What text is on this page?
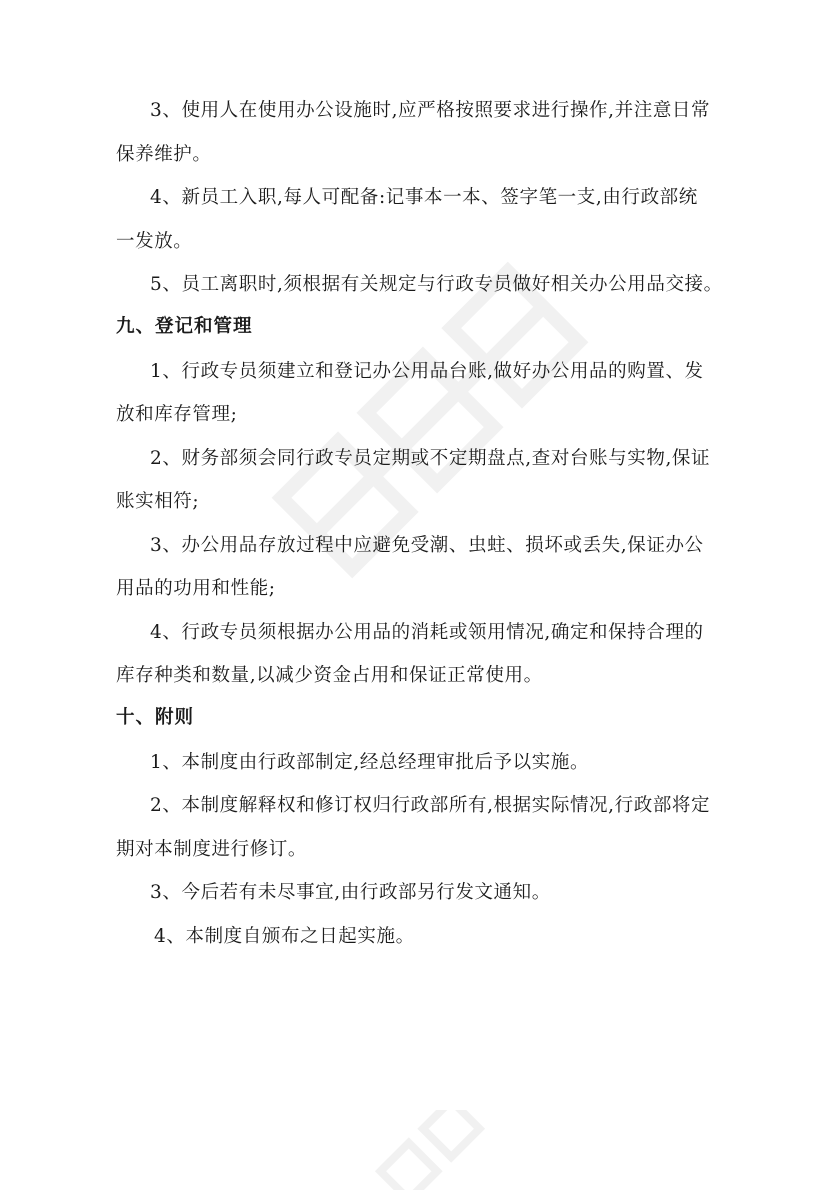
3、使用人在使用办公设施时,应严格按照要求进行操作,并注意日常

保养维护。

4、新员工入职,每人可配备:记事本一本、签字笔一支,由行政部统

一发放。

5、员工离职时,须根据有关规定与行政专员做好相关办公用品交接。

九、登记和管理

1、行政专员须建立和登记办公用品台账,做好办公用品的购置、发

放和库存管理;

2、财务部须会同行政专员定期或不定期盘点,查对台账与实物,保证

账实相符;

3、办公用品存放过程中应避免受潮、虫蛀、损坏或丢失,保证办公

用品的功用和性能;

4、行政专员须根据办公用品的消耗或领用情况,确定和保持合理的

库存种类和数量,以减少资金占用和保证正常使用。

十、附则

1、本制度由行政部制定,经总经理审批后予以实施。

2、本制度解释权和修订权归行政部所有,根据实际情况,行政部将定

期对本制度进行修订。

3、今后若有未尽事宜,由行政部另行发文通知。

4、本制度自颁布之日起实施。
